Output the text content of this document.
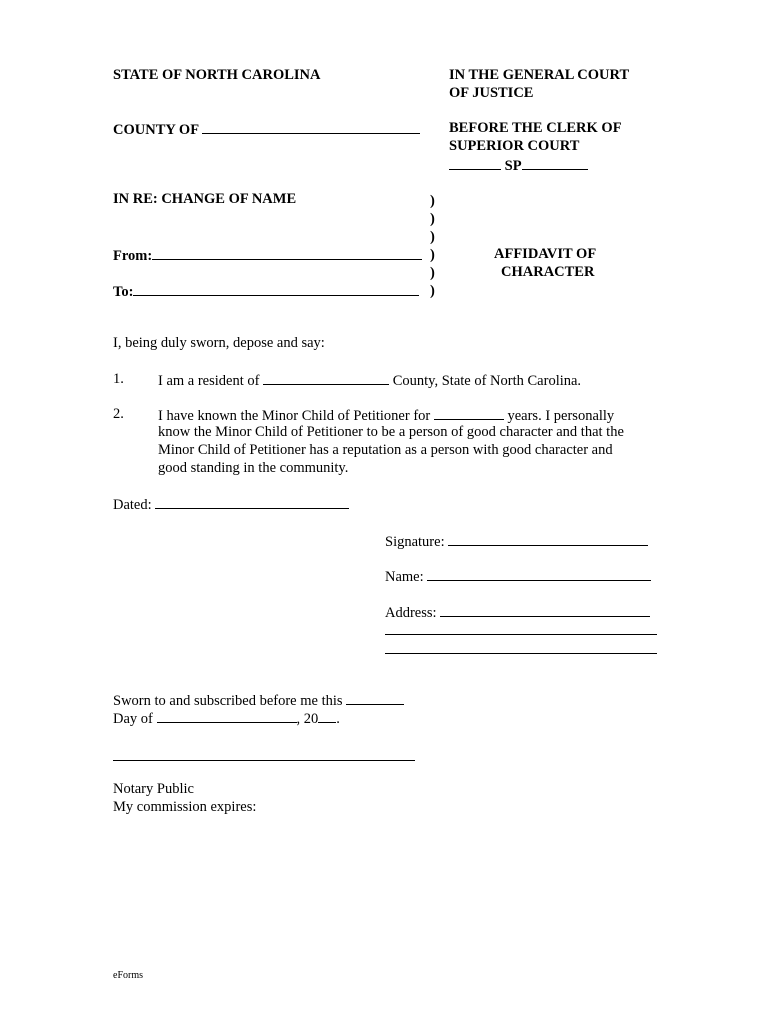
STATE OF NORTH CAROLINA
COUNTY OF
IN RE: CHANGE OF NAME
From:
To:
)
)
)
)
)
)
IN THE GENERAL COURT
OF JUSTICE
BEFORE THE CLERK OF
SUPERIOR COURT
SP
AFFIDAVIT OF
CHARACTER
I, being duly sworn, depose and say:
1. I am a resident of	County, State of North Carolina.
2. I have known the Minor Child of Petitioner for	years. I personally
know the Minor Child of Petitioner to be a person of good character and that the
Minor Child of Petitioner has a reputation as a person with good character and
good standing in the community.
Dated:
Signature:
Name:
Address:
Sworn to and subscribed before me this
Day of	, 20 .
Notary Public
My commission expires:
eForms
